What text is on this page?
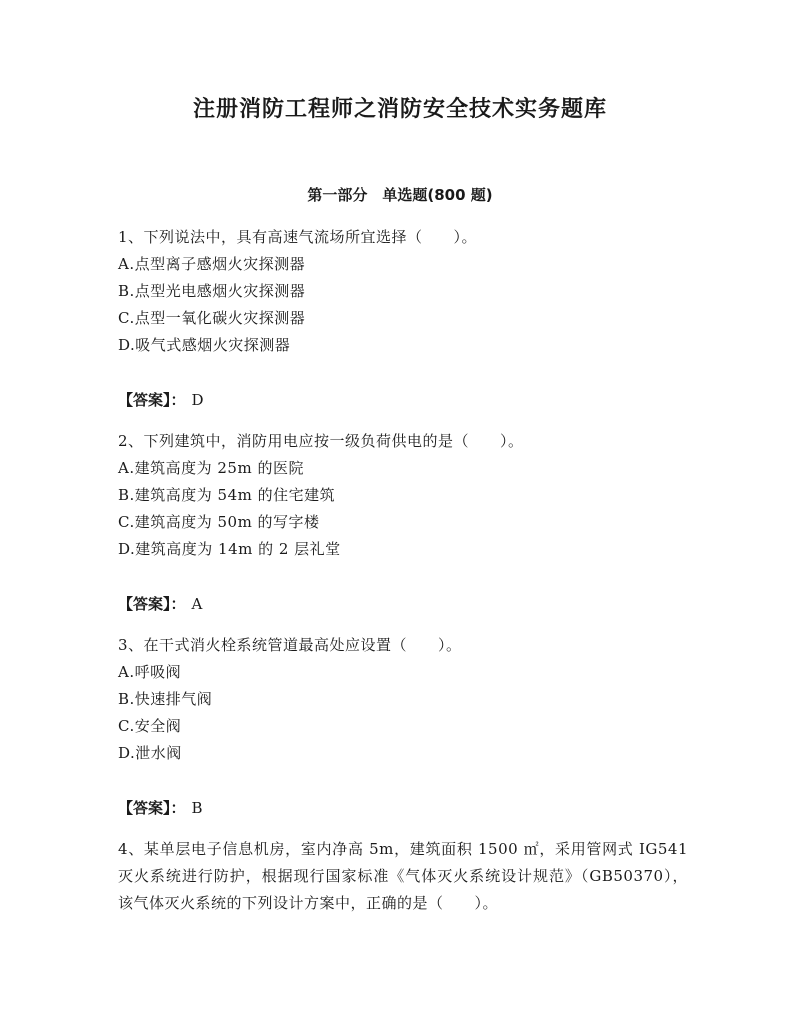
注册消防工程师之消防安全技术实务题库
第一部分　单选题(800 题)
1、下列说法中，具有高速气流场所宜选择（　　）。
A.点型离子感烟火灾探测器
B.点型光电感烟火灾探测器
C.点型一氧化碳火灾探测器
D.吸气式感烟火灾探测器
【答案】： D
2、下列建筑中，消防用电应按一级负荷供电的是（　　）。
A.建筑高度为 25m 的医院
B.建筑高度为 54m 的住宅建筑
C.建筑高度为 50m 的写字楼
D.建筑高度为 14m 的 2 层礼堂
【答案】： A
3、在干式消火栓系统管道最高处应设置（　　）。
A.呼吸阀
B.快速排气阀
C.安全阀
D.泄水阀
【答案】： B
4、某单层电子信息机房，室内净高 5m，建筑面积 1500 ㎡，采用管网式 IG541 灭火系统进行防护，根据现行国家标准《气体灭火系统设计规范》（GB50370），该气体灭火系统的下列设计方案中，正确的是（　　）。
